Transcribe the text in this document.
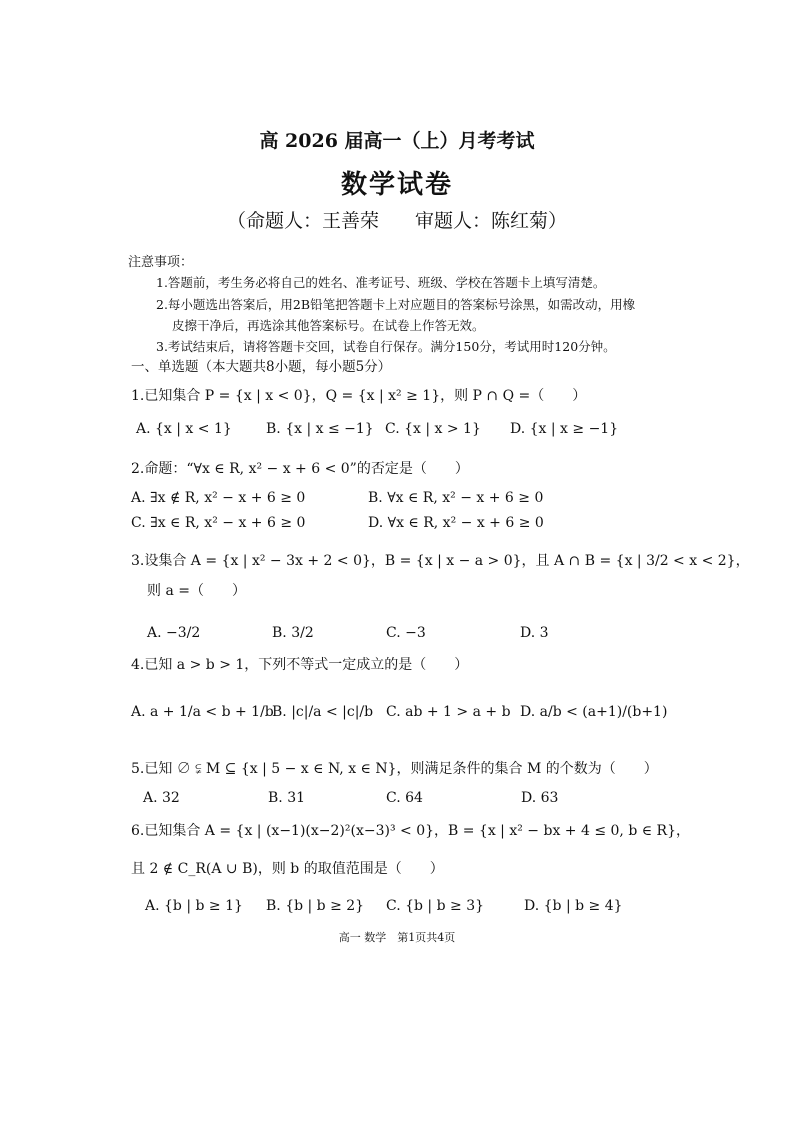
高 2026 届高一（上）月考考试
数学试卷
（命题人：王善荣 审题人：陈红菊）
注意事项：
1.答题前，考生务必将自己的姓名、准考证号、班级、学校在答题卡上填写清楚。
2.每小题选出答案后，用2B铅笔把答题卡上对应题目的答案标号涂黑，如需改动，用橡
皮擦干净后，再选涂其他答案标号。在试卷上作答无效。
3.考试结束后，请将答题卡交回，试卷自行保存。满分150分，考试用时120分钟。
一、单选题（本大题共8小题，每小题5分）
1.已知集合 P = {x | x < 0}，Q = {x | x² ≥ 1}，则 P ∩ Q =（　　）
A. {x | x < 1} B. {x | x ≤ −1} C. {x | x > 1} D. {x | x ≥ −1}
2.命题：“∀x ∈ R, x² − x + 6 < 0”的否定是（　　）
A. ∃x ∉ R, x² − x + 6 ≥ 0	B. ∀x ∈ R, x² − x + 6 ≥ 0
C. ∃x ∈ R, x² − x + 6 ≥ 0	D. ∀x ∈ R, x² − x + 6 ≥ 0
3.设集合 A = {x | x² − 3x + 2 < 0}，B = {x | x − a > 0}，且 A ∩ B = {x | 3/2 < x < 2}，
则 a =（　　）
A. −3/2	B. 3/2	C. −3	D. 3
4.已知 a > b > 1，下列不等式一定成立的是（　　）
A. a + 1/a < b + 1/b
B. |c|/a < |c|/b C. ab + 1 > a + b D. a/b < (a+1)/(b+1)
5.已知 ∅ ⫋ M ⊆ {x | 5 − x ∈ N, x ∈ N}，则满足条件的集合 M 的个数为（　　）
A. 32	B. 31	C. 64	D. 63
6.已知集合 A = {x | (x−1)(x−2)²(x−3)³ < 0}，B = {x | x² − bx + 4 ≤ 0, b ∈ R}，
且 2 ∉ C_R(A ∪ B)，则 b 的取值范围是（　　）
A. {b | b ≥ 1} B. {b | b ≥ 2} C. {b | b ≥ 3}	D. {b | b ≥ 4}
高一 数学　第1页共4页
